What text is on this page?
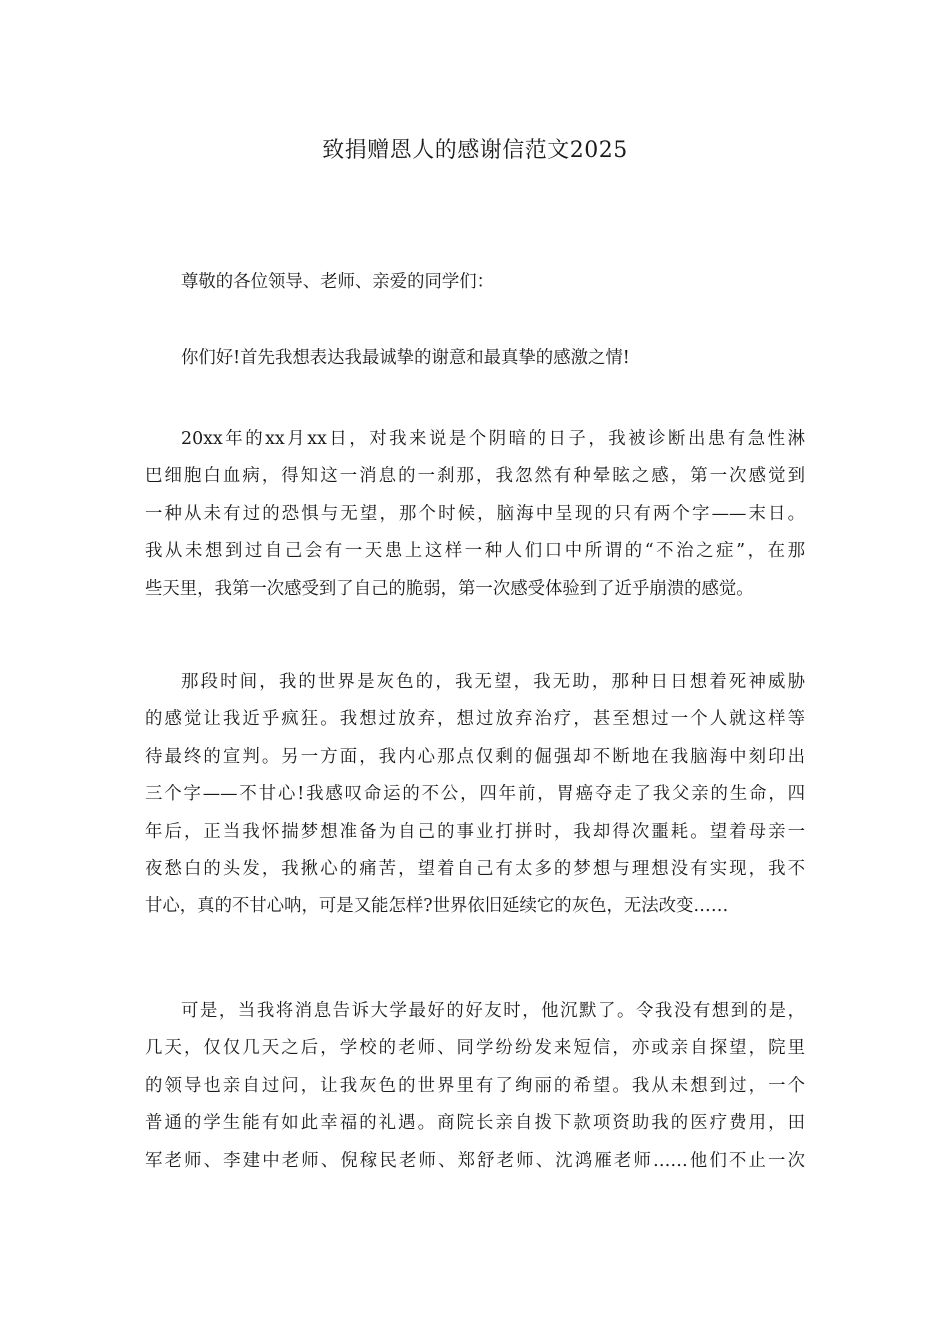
致捐赠恩人的感谢信范文2025
尊敬的各位领导、老师、亲爱的同学们：
你们好!首先我想表达我最诚挚的谢意和最真挚的感激之情!
20xx年的xx月xx日，对我来说是个阴暗的日子，我被诊断出患有急性淋
巴细胞白血病，得知这一消息的一刹那，我忽然有种晕眩之感，第一次感觉到
一种从未有过的恐惧与无望，那个时候，脑海中呈现的只有两个字——末日。
我从未想到过自己会有一天患上这样一种人们口中所谓的“不治之症”，在那
些天里，我第一次感受到了自己的脆弱，第一次感受体验到了近乎崩溃的感觉。
那段时间，我的世界是灰色的，我无望，我无助，那种日日想着死神威胁
的感觉让我近乎疯狂。我想过放弃，想过放弃治疗，甚至想过一个人就这样等
待最终的宣判。另一方面，我内心那点仅剩的倔强却不断地在我脑海中刻印出
三个字——不甘心!我感叹命运的不公，四年前，胃癌夺走了我父亲的生命，四
年后，正当我怀揣梦想准备为自己的事业打拼时，我却得次噩耗。望着母亲一
夜愁白的头发，我揪心的痛苦，望着自己有太多的梦想与理想没有实现，我不
甘心，真的不甘心呐，可是又能怎样?世界依旧延续它的灰色，无法改变……
可是，当我将消息告诉大学最好的好友时，他沉默了。令我没有想到的是，
几天，仅仅几天之后，学校的老师、同学纷纷发来短信，亦或亲自探望，院里
的领导也亲自过问，让我灰色的世界里有了绚丽的希望。我从未想到过，一个
普通的学生能有如此幸福的礼遇。商院长亲自拨下款项资助我的医疗费用，田
军老师、李建中老师、倪稼民老师、郑舒老师、沈鸿雁老师……他们不止一次
